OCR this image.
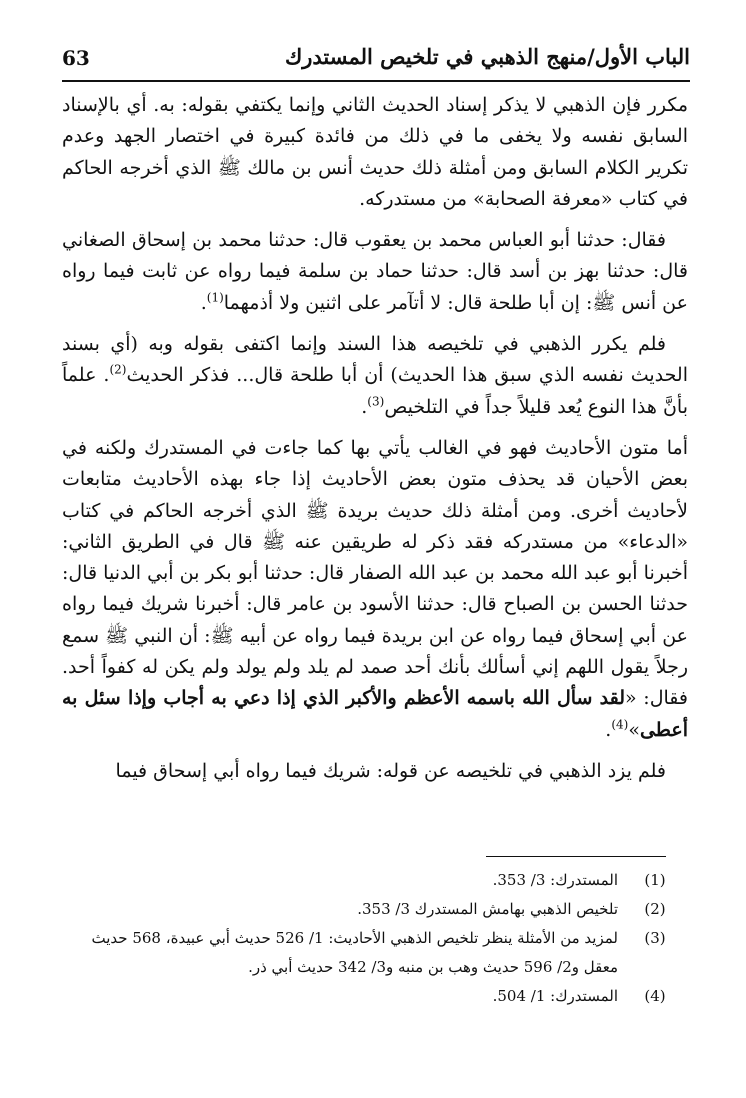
63	الباب الأول/منهج الذهبي في تلخيص المستدرك

مكرر فإن الذهبي لا يذكر إسناد الحديث الثاني وإنما يكتفي بقوله: به. أي بالإسناد السابق نفسه ولا يخفى ما في ذلك من فائدة كبيرة في اختصار الجهد وعدم تكرير الكلام السابق ومن أمثلة ذلك حديث أنس بن مالك ﷺ الذي أخرجه الحاكم في كتاب «معرفة الصحابة» من مستدركه.

فقال: حدثنا أبو العباس محمد بن يعقوب قال: حدثنا محمد بن إسحاق الصغاني قال: حدثنا بهز بن أسد قال: حدثنا حماد بن سلمة فيما رواه عن ثابت فيما رواه عن أنس ﷺ: إن أبا طلحة قال: لا أتآمر على اثنين ولا أذمهما$^{(1)}$.

فلم يكرر الذهبي في تلخيصه هذا السند وإنما اكتفى بقوله وبه (أي بسند الحديث نفسه الذي سبق هذا الحديث) أن أبا طلحة قال... فذكر الحديث$^{(2)}$. علماً بأنَّ هذا النوع يُعد قليلاً جداً في التلخيص$^{(3)}$.

أما متون الأحاديث فهو في الغالب يأتي بها كما جاءت في المستدرك ولكنه في بعض الأحيان قد يحذف متون بعض الأحاديث إذا جاء بهذه الأحاديث متابعات لأحاديث أخرى. ومن أمثلة ذلك حديث بريدة ﷺ الذي أخرجه الحاكم في كتاب «الدعاء» من مستدركه فقد ذكر له طريقين عنه ﷺ قال في الطريق الثاني: أخبرنا أبو عبد الله محمد بن عبد الله الصفار قال: حدثنا أبو بكر بن أبي الدنيا قال: حدثنا الحسن بن الصباح قال: حدثنا الأسود بن عامر قال: أخبرنا شريك فيما رواه عن أبي إسحاق فيما رواه عن ابن بريدة فيما رواه عن أبيه ﷺ: أن النبي ﷺ سمع رجلاً يقول اللهم إني أسألك بأنك أحد صمد لم يلد ولم يولد ولم يكن له كفواً أحد. فقال: «لقد سأل الله باسمه الأعظم والأكبر الذي إذا دعي به أجاب وإذا سئل به أعطى»$^{(4)}$.

فلم يزد الذهبي في تلخيصه عن قوله: شريك فيما رواه أبي إسحاق فيما

(1)
المستدرك: 3/ 353.

(2)
تلخيص الذهبي بهامش المستدرك 3/ 353.

(3)
لمزيد من الأمثلة ينظر تلخيص الذهبي الأحاديث: 1/ 526 حديث أبي عبيدة، 568 حديث معقل و2/ 596 حديث وهب بن منبه و3/ 342 حديث أبي ذر.

(4)
المستدرك: 1/ 504.
